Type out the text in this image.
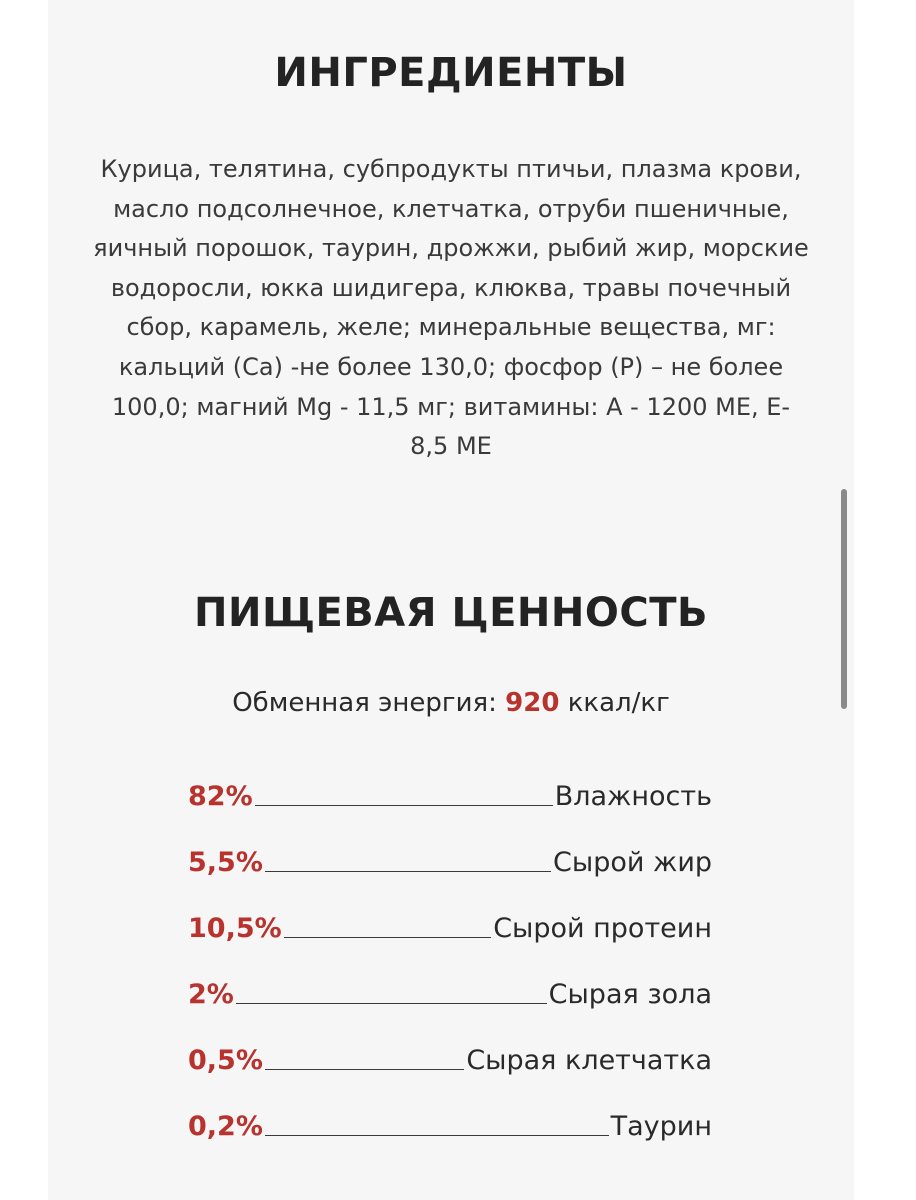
ИНГРЕДИЕНТЫ
Курица, телятина, субпродукты птичьи, плазма крови, масло подсолнечное, клетчатка, отруби пшеничные, яичный порошок, таурин, дрожжи, рыбий жир, морские водоросли, юкка шидигера, клюква, травы почечный сбор, карамель, желе; минеральные вещества, мг: кальций (Са) -не более 130,0; фосфор (Р) – не более 100,0; магний Mg - 11,5 мг; витамины: А - 1200 МЕ, Е- 8,5 МЕ
ПИЩЕВАЯ ЦЕННОСТЬ
Обменная энергия: 920 ккал/кг
82%	Влажность
5,5%	Сырой жир
10,5%	Сырой протеин
2%	Сырая зола
0,5%	Сырая клетчатка
0,2%	Таурин
